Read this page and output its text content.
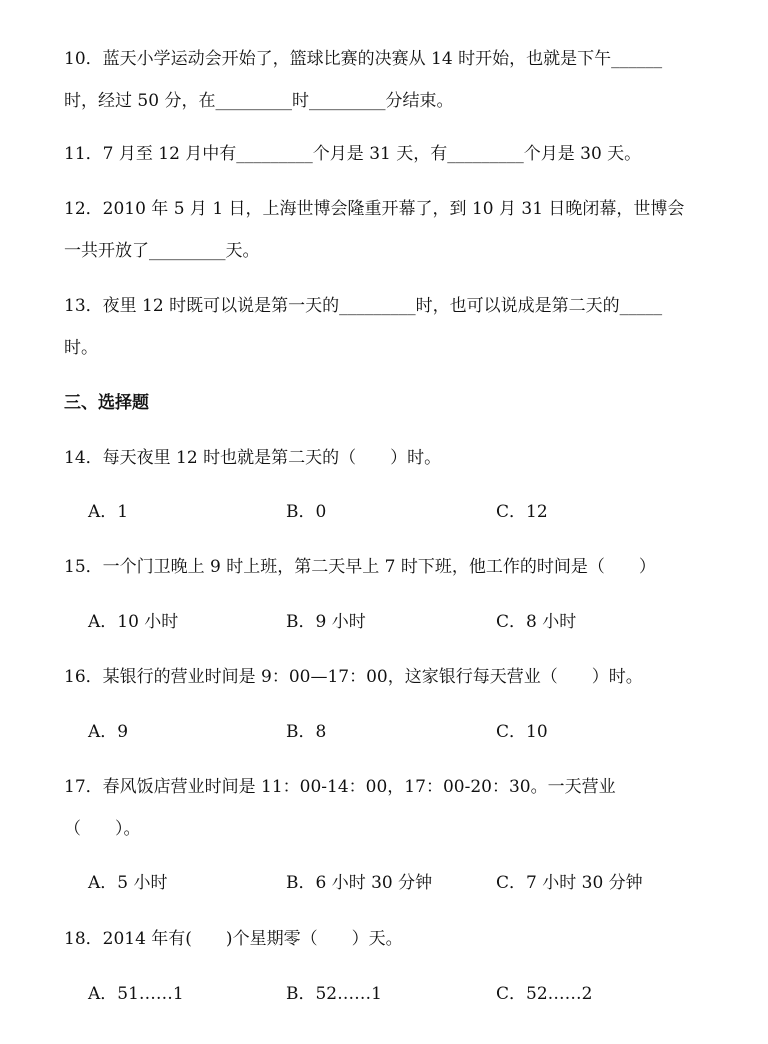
10．蓝天小学运动会开始了，篮球比赛的决赛从 14 时开始，也就是下午______
时，经过 50 分，在_________时_________分结束。
11．7 月至 12 月中有_________个月是 31 天，有_________个月是 30 天。
12．2010 年 5 月 1 日，上海世博会隆重开幕了，到 10 月 31 日晚闭幕，世博会
一共开放了_________天。
13．夜里 12 时既可以说是第一天的_________时，也可以说成是第二天的_____
时。
三、选择题
14．每天夜里 12 时也就是第二天的（　　）时。
A．1	B．0	C．12
15．一个门卫晚上 9 时上班，第二天早上 7 时下班，他工作的时间是（　　）
A．10 小时	B．9 小时	C．8 小时
16．某银行的营业时间是 9：00—17：00，这家银行每天营业（　　）时。
A．9	B．8	C．10
17．春风饭店营业时间是 11：00-14：00，17：00-20：30。一天营业
（　　）。
A．5 小时	B．6 小时 30 分钟	C．7 小时 30 分钟
18．2014 年有(　　)个星期零（　　）天。
A．51……1	B．52……1	C．52……2
